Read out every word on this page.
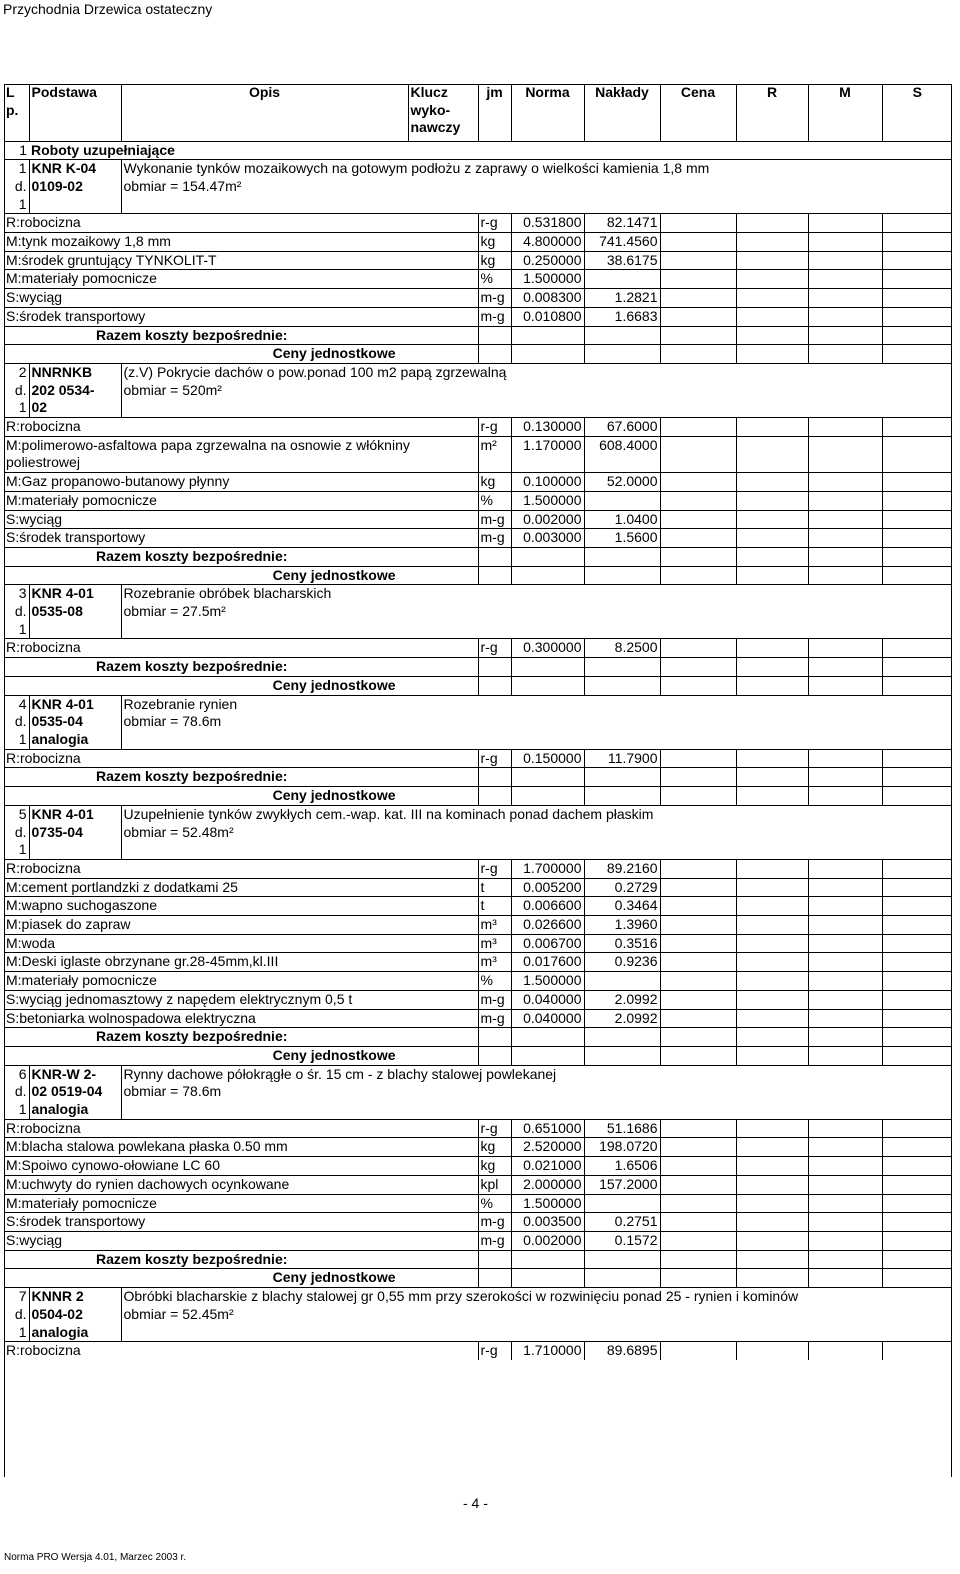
Przychodnia Drzewica ostateczny
L p.	Podstawa	Opis	Klucz wyko- nawczy	jm	Norma	Nakłady	Cena	R	M	S
1	Roboty uzupełniające									
1	KNR K-04	Wykonanie tynków mozaikowych na gotowym podłożu z zaprawy o wielkości kamienia 1,8 mm								
d.	0109-02	obmiar = 154.47m²								
1										
R:robocizna				r-g	0.531800	82.1471				
M:tynk mozaikowy 1,8 mm				kg	4.800000	741.4560				
M:środek gruntujący TYNKOLIT-T				kg	0.250000	38.6175				
M:materiały pomocnicze				%	1.500000					
S:wyciąg				m-g	0.008300	1.2821				
S:środek transportowy				m-g	0.010800	1.6683				
Razem koszty bezpośrednie:										
Ceny jednostkowe										
2	NNRNKB	(z.V) Pokrycie dachów o pow.ponad 100 m2 papą zgrzewalną								
d.	202 0534-	obmiar = 520m²								
1	02									
R:robocizna				r-g	0.130000	67.6000				
M:polimerowo-asfaltowa papa zgrzewalna na osnowie z włókniny poliestrowej				m²	1.170000	608.4000				
M:Gaz propanowo-butanowy płynny				kg	0.100000	52.0000				
M:materiały pomocnicze				%	1.500000					
S:wyciąg				m-g	0.002000	1.0400				
S:środek transportowy				m-g	0.003000	1.5600				
Razem koszty bezpośrednie:										
Ceny jednostkowe										
3	KNR 4-01	Rozebranie obróbek blacharskich								
d.	0535-08	obmiar = 27.5m²								
1										
R:robocizna				r-g	0.300000	8.2500				
Razem koszty bezpośrednie:										
Ceny jednostkowe										
4	KNR 4-01	Rozebranie rynien								
d.	0535-04	obmiar = 78.6m								
1	analogia									
R:robocizna				r-g	0.150000	11.7900				
Razem koszty bezpośrednie:										
Ceny jednostkowe										
5	KNR 4-01	Uzupełnienie tynków zwykłych cem.-wap. kat. III na kominach ponad dachem płaskim								
d.	0735-04	obmiar = 52.48m²								
1										
R:robocizna				r-g	1.700000	89.2160				
M:cement portlandzki z dodatkami 25				t	0.005200	0.2729				
M:wapno suchogaszone				t	0.006600	0.3464				
M:piasek do zapraw				m³	0.026600	1.3960				
M:woda				m³	0.006700	0.3516				
M:Deski iglaste obrzynane gr.28-45mm,kl.III				m³	0.017600	0.9236				
M:materiały pomocnicze				%	1.500000					
S:wyciąg jednomasztowy z napędem elektrycznym 0,5 t				m-g	0.040000	2.0992				
S:betoniarka wolnospadowa elektryczna				m-g	0.040000	2.0992				
Razem koszty bezpośrednie:										
Ceny jednostkowe										
6	KNR-W 2-	Rynny dachowe półokrągłe o śr. 15 cm - z blachy stalowej powlekanej								
d.	02 0519-04	obmiar = 78.6m								
1	analogia									
R:robocizna				r-g	0.651000	51.1686				
M:blacha stalowa powlekana płaska 0.50 mm				kg	2.520000	198.0720				
M:Spoiwo cynowo-ołowiane LC 60				kg	0.021000	1.6506				
M:uchwyty do rynien dachowych ocynkowane				kpl	2.000000	157.2000				
M:materiały pomocnicze				%	1.500000					
S:środek transportowy				m-g	0.003500	0.2751				
S:wyciąg				m-g	0.002000	0.1572				
Razem koszty bezpośrednie:										
Ceny jednostkowe										
7	KNNR 2	Obróbki blacharskie z blachy stalowej gr 0,55 mm przy szerokości w rozwinięciu ponad 25 - rynien i kominów								
d.	0504-02	obmiar = 52.45m²								
1	analogia									
R:robocizna				r-g	1.710000	89.6895				
- 4 -
Norma PRO Wersja 4.01, Marzec 2003 r.
